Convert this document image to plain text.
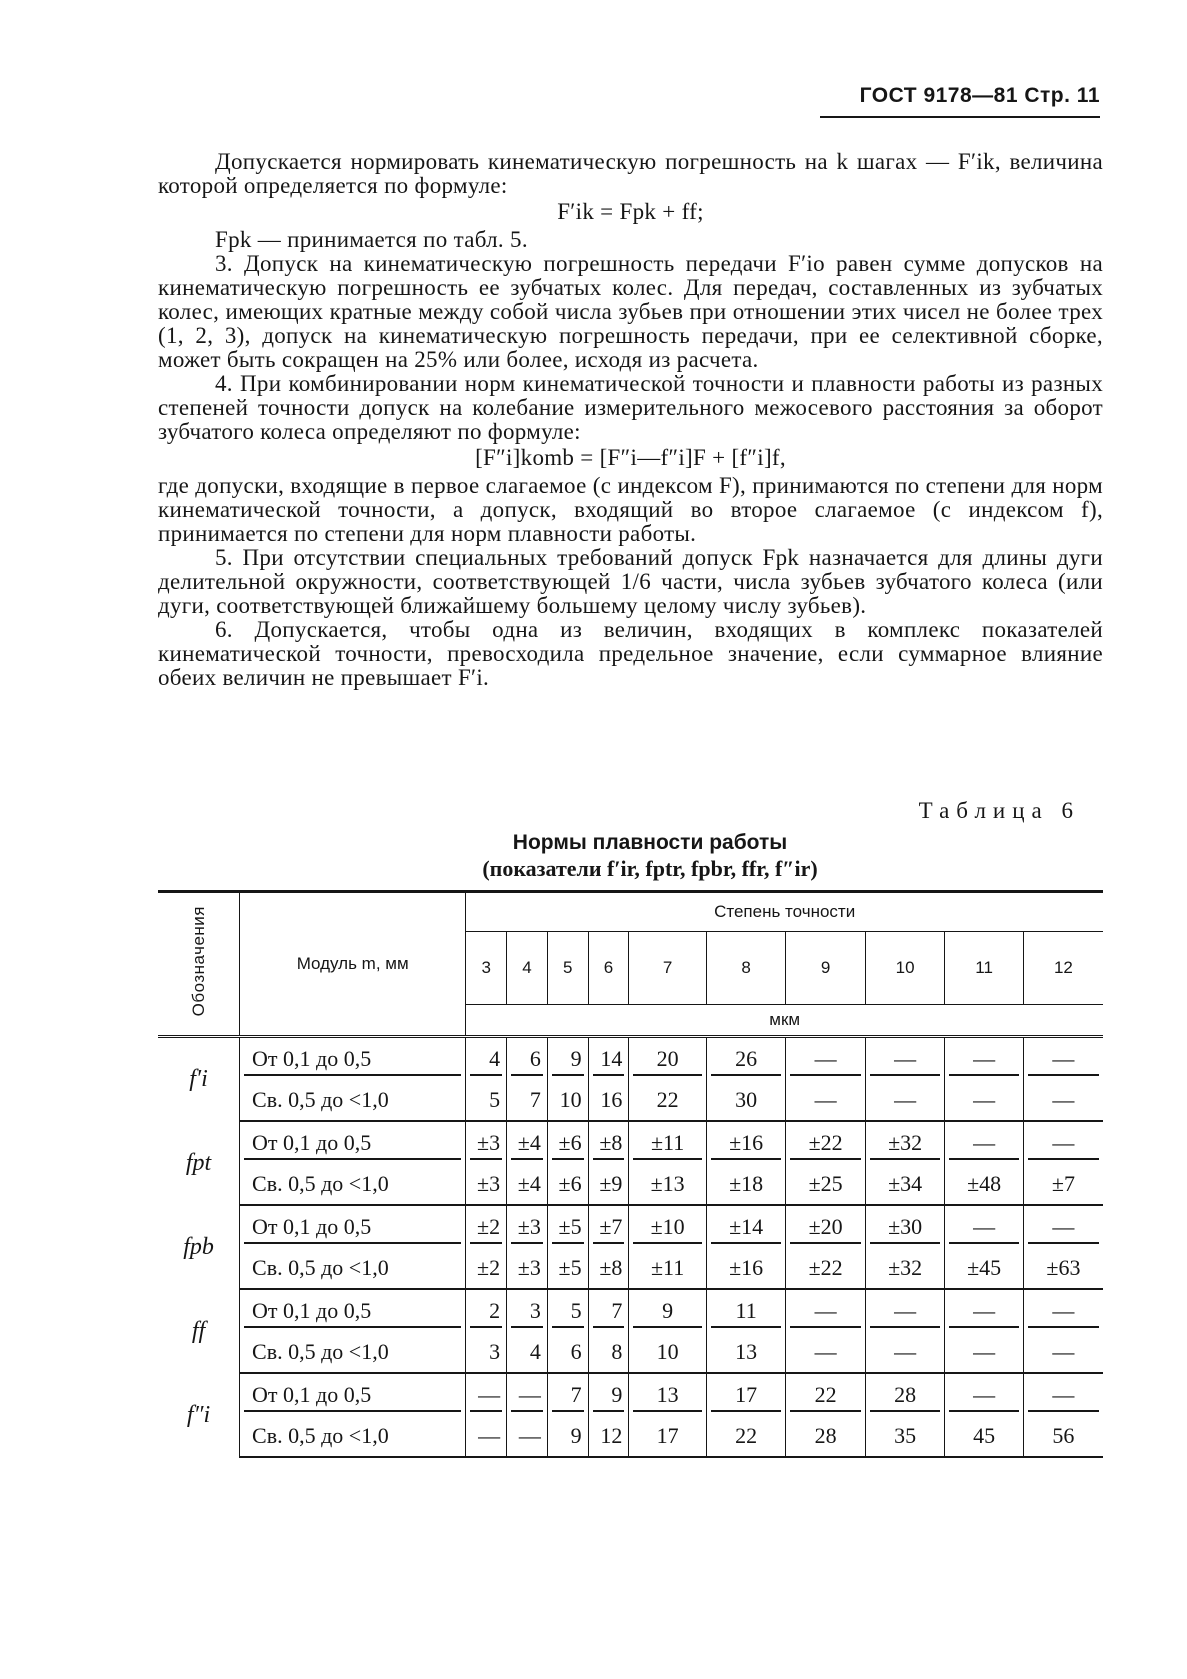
ГОСТ 9178—81 Стр. 11

Допускается нормировать кинематическую погрешность на k шагах — F′ik, величина которой определяется по формуле:

F′ik = Fpk + ff;

Fpk — принимается по табл. 5.

3. Допуск на кинематическую погрешность передачи F′io равен сумме допусков на кинематическую погрешность ее зубчатых колес. Для передач, составленных из зубчатых колес, имеющих кратные между собой числа зубьев при отношении этих чисел не более трех (1, 2, 3), допуск на кинематическую погрешность передачи, при ее селективной сборке, может быть сокращен на 25% или более, исходя из расчета.

4. При комбинировании норм кинематической точности и плавности работы из разных степеней точности допуск на колебание измерительного межосевого расстояния за оборот зубчатого колеса определяют по формуле:

[F″i]komb = [F″i—f″i]F + [f″i]f,

где допуски, входящие в первое слагаемое (с индексом F), принимаются по степени для норм кинематической точности, а допуск, входящий во второе слагаемое (с индексом f), принимается по степени для норм плавности работы.

5. При отсутствии специальных требований допуск Fpk назначается для длины дуги делительной окружности, соответствующей 1/6 части, числа зубьев зубчатого колеса (или дуги, соответствующей ближайшему большему целому числу зубьев).

6. Допускается, чтобы одна из величин, входящих в комплекс показателей кинематической точности, превосходила предельное значение, если суммарное влияние обеих величин не превышает F′i.

Таблица 6
Нормы плавности работы
(показатели f′ir, fptr, fpbr, ffr, f″ir)
Обозначения	Модуль m, мм	Степень точности									
		3	4	5	6	7	8	9	10	11	12
		мкм									

f′i	От 0,1 до 0,5	4	6	9	14	20	26	—	—	—	—
	Св. 0,5 до <1,0	5	7	10	16	22	30	—	—	—	—
fpt	От 0,1 до 0,5	±3	±4	±6	±8	±11	±16	±22	±32	—	—
	Св. 0,5 до <1,0	±3	±4	±6	±9	±13	±18	±25	±34	±48	±7
fpb	От 0,1 до 0,5	±2	±3	±5	±7	±10	±14	±20	±30	—	—
	Св. 0,5 до <1,0	±2	±3	±5	±8	±11	±16	±22	±32	±45	±63
ff	От 0,1 до 0,5	2	3	5	7	9	11	—	—	—	—
	Св. 0,5 до <1,0	3	4	6	8	10	13	—	—	—	—
f″i	От 0,1 до 0,5	—	—	7	9	13	17	22	28	—	—
	Св. 0,5 до <1,0	—	—	9	12	17	22	28	35	45	56
